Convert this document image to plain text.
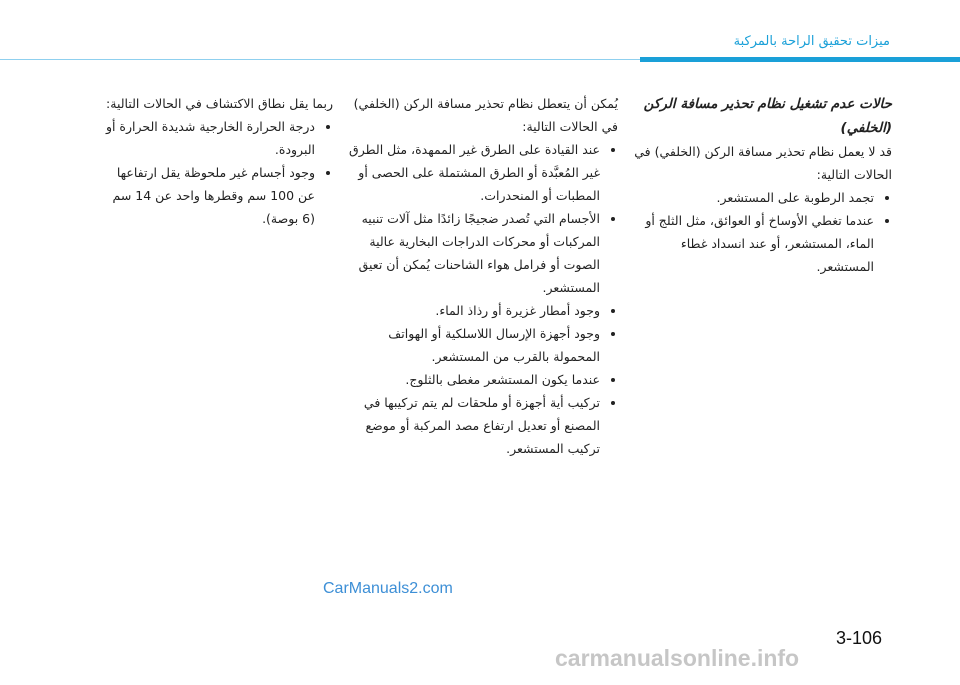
ميزات تحقيق الراحة بالمركبة

حالات عدم تشغيل نظام تحذير مسافة الركن (الخلفي)

قد لا يعمل نظام تحذير مسافة الركن (الخلفي) في الحالات التالية:

• تجمد الرطوبة على المستشعر.
• عندما تغطي الأوساخ أو العوائق، مثل الثلج أو الماء، المستشعر، أو عند انسداد غطاء المستشعر.

يُمكن أن يتعطل نظام تحذير مسافة الركن (الخلفي) في الحالات التالية:

• عند القيادة على الطرق غير الممهدة، مثل الطرق غير المُعبَّدة أو الطرق المشتملة على الحصى أو المطبات أو المنحدرات.
• الأجسام التي تُصدر ضجيجًا زائدًا مثل آلات تنبيه المركبات أو محركات الدراجات البخارية عالية الصوت أو فرامل هواء الشاحنات يُمكن أن تعيق المستشعر.
• وجود أمطار غزيرة أو رذاذ الماء.
• وجود أجهزة الإرسال اللاسلكية أو الهواتف المحمولة بالقرب من المستشعر.
• عندما يكون المستشعر مغطى بالثلوج.
• تركيب أية أجهزة أو ملحقات لم يتم تركيبها في المصنع أو تعديل ارتفاع مصد المركبة أو موضع تركيب المستشعر.

ربما يقل نطاق الاكتشاف في الحالات التالية:

• درجة الحرارة الخارجية شديدة الحرارة أو البرودة.
• وجود أجسام غير ملحوظة يقل ارتفاعها عن 100 سم وقطرها واحد عن 14 سم (6 بوصة).
CarManuals2.com
3-106
carmanualsonline.info
